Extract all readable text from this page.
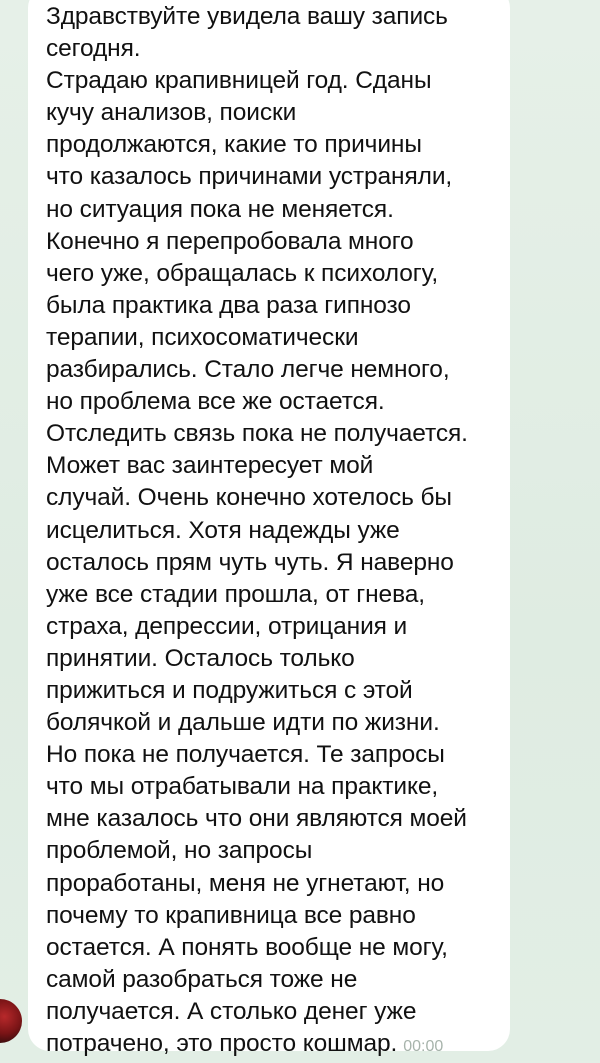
Здравствуйте увидела вашу запись
сегодня.
Страдаю крапивницей год. Сданы
кучу анализов, поиски
продолжаются, какие то причины
что казалось причинами устраняли,
но ситуация пока не меняется.
Конечно я перепробовала много
чего уже, обращалась к психологу,
была практика два раза гипнозо
терапии, психосоматически
разбирались. Стало легче немного,
но проблема все же остается.
Отследить связь пока не получается.
Может вас заинтересует мой
случай. Очень конечно хотелось бы
исцелиться. Хотя надежды уже
осталось прям чуть чуть. Я наверно
уже все стадии прошла, от гнева,
страха, депрессии, отрицания и
принятии. Осталось только
прижиться и подружиться с этой
болячкой и дальше идти по жизни.
Но пока не получается. Те запросы
что мы отрабатывали на практике,
мне казалось что они являются моей
проблемой, но запросы
проработаны, меня не угнетают, но
почему то крапивница все равно
остается. А понять вообще не могу,
самой разобраться тоже не
получается. А столько денег уже
потрачено, это просто кошмар. 00:00
